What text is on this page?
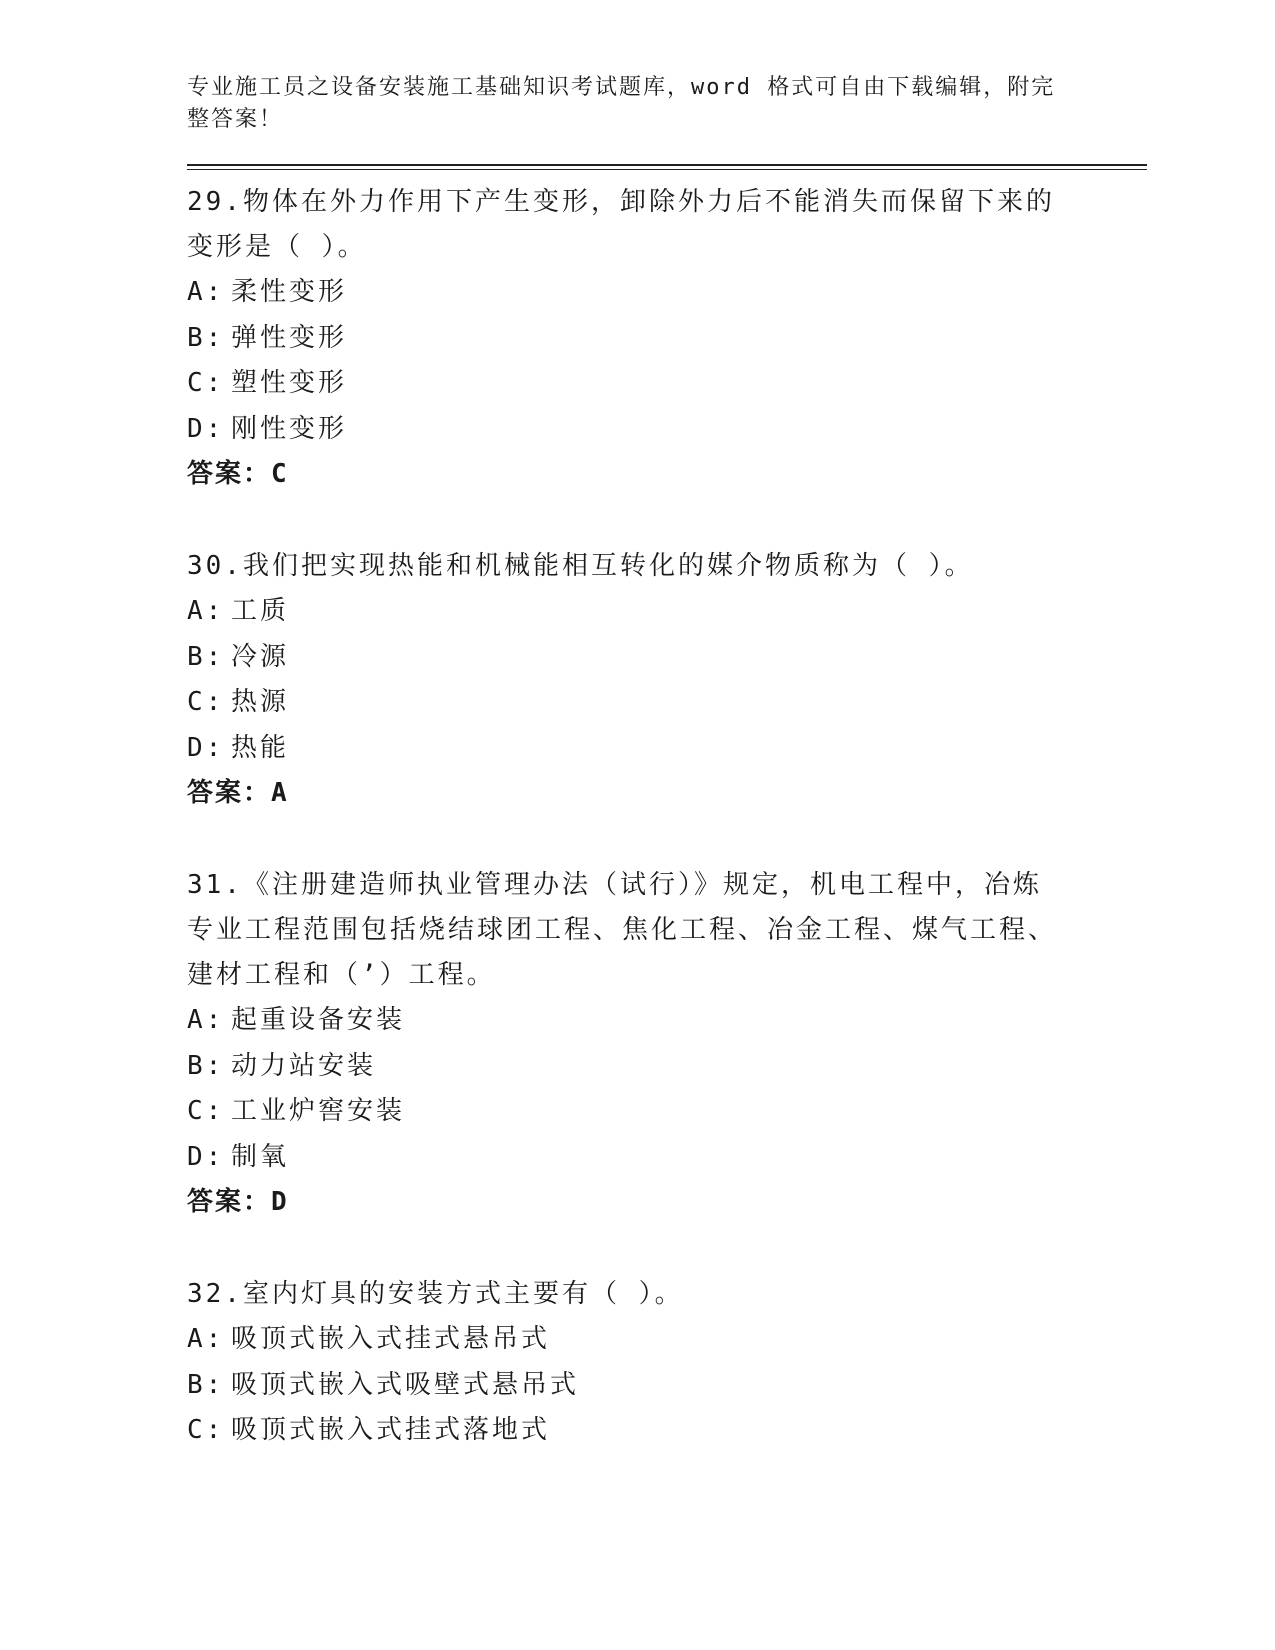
专业施工员之设备安装施工基础知识考试题库，word 格式可自由下载编辑，附完整答案！

29.物体在外力作用下产生变形，卸除外力后不能消失而保留下来的变形是（ ）。

A: 柔性变形

B: 弹性变形

C: 塑性变形

D: 刚性变形

答案：C

30.我们把实现热能和机械能相互转化的媒介物质称为（ ）。

A: 工质

B: 冷源

C: 热源

D: 热能

答案：A

31.《注册建造师执业管理办法（试行）》规定，机电工程中，冶炼专业工程范围包括烧结球团工程、焦化工程、冶金工程、煤气工程、建材工程和（’）工程。

A: 起重设备安装

B: 动力站安装

C: 工业炉窖安装

D: 制氧

答案：D

32.室内灯具的安装方式主要有（ ）。

A: 吸顶式嵌入式挂式悬吊式

B: 吸顶式嵌入式吸壁式悬吊式

C: 吸顶式嵌入式挂式落地式
